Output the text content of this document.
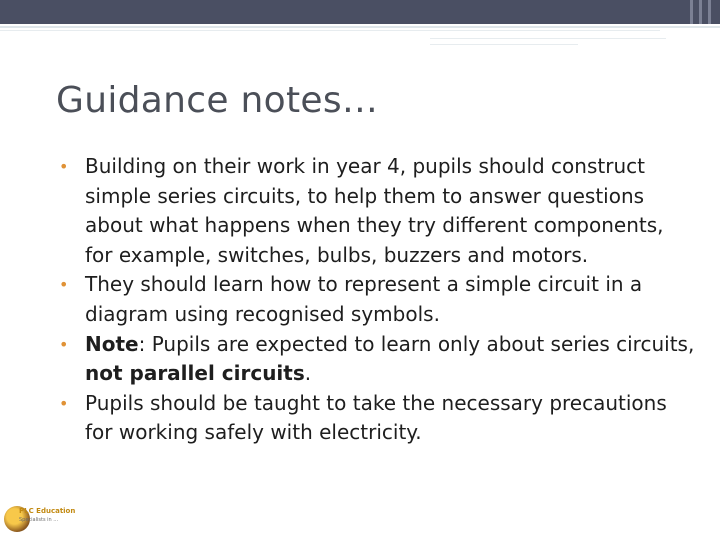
Guidance notes…
• Building on their work in year 4, pupils should construct simple series circuits, to help them to answer questions about what happens when they try different components, for example, switches, bulbs, buzzers and motors.
• They should learn how to represent a simple circuit in a diagram using recognised symbols.
• Note: Pupils are expected to learn only about series circuits, not parallel circuits.
• Pupils should be taught to take the necessary precautions for working safely with electricity.
PLC Education
Specialists in …
